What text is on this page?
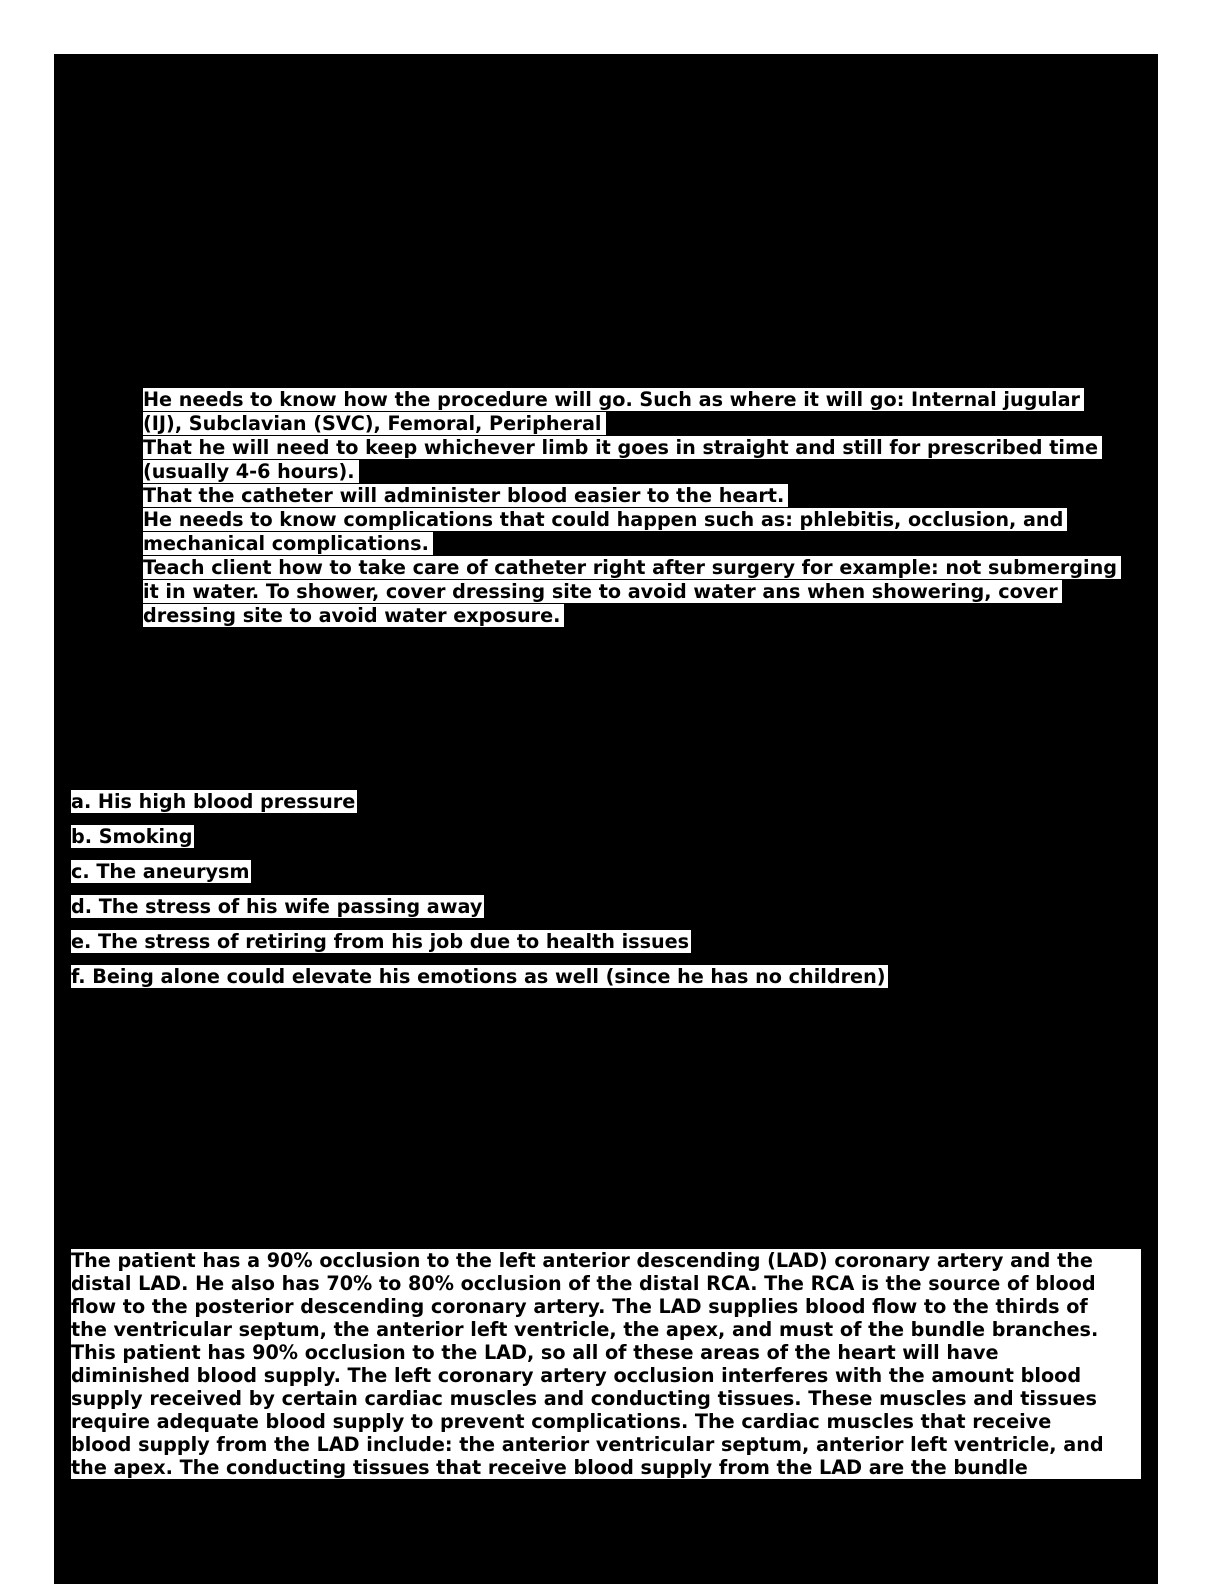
He needs to know how the procedure will go. Such as where it will go: Internal jugular
(IJ), Subclavian (SVC), Femoral, Peripheral
That he will need to keep whichever limb it goes in straight and still for prescribed time
(usually 4-6 hours).
That the catheter will administer blood easier to the heart.
He needs to know complications that could happen such as: phlebitis, occlusion, and
mechanical complications.
Teach client how to take care of catheter right after surgery for example: not submerging
it in water. To shower, cover dressing site to avoid water ans when showering, cover
dressing site to avoid water exposure.
a. His high blood pressure
b. Smoking
c. The aneurysm
d. The stress of his wife passing away
e. The stress of retiring from his job due to health issues
f. Being alone could elevate his emotions as well (since he has no children)
The patient has a 90% occlusion to the left anterior descending (LAD) coronary artery and the
distal LAD. He also has 70% to 80% occlusion of the distal RCA. The RCA is the source of blood
flow to the posterior descending coronary artery. The LAD supplies blood flow to the thirds of
the ventricular septum, the anterior left ventricle, the apex, and must of the bundle branches.
This patient has 90% occlusion to the LAD, so all of these areas of the heart will have
diminished blood supply. The left coronary artery occlusion interferes with the amount blood
supply received by certain cardiac muscles and conducting tissues. These muscles and tissues
require adequate blood supply to prevent complications. The cardiac muscles that receive
blood supply from the LAD include: the anterior ventricular septum, anterior left ventricle, and
the apex. The conducting tissues that receive blood supply from the LAD are the bundle
